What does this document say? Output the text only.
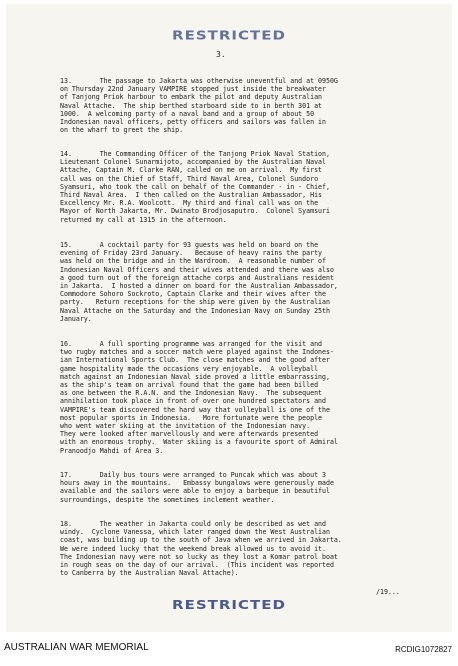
RESTRICTED
3.

13.       The passage to Jakarta was otherwise uneventful and at 0950G
on Thursday 22nd January VAMPIRE stopped just inside the breakwater
of Tanjong Priok harbour to embark the pilot and deputy Australian
Naval Attache.  The ship berthed starboard side to in berth 301 at
1000.  A welcoming party of a naval band and a group of about 50
Indonesian naval officers, petty officers and sailors was fallen in
on the wharf to greet the ship.

14.       The Commanding Officer of the Tanjong Priok Naval Station,
Lieutenant Colonel Sunarmijoto, accompanied by the Australian Naval
Attache, Captain M. Clarke RAN, called on me on arrival.  My first
call was on the Chief of Staff, Third Naval Area, Colonel Sundoro
Syamsuri, who took the call on behalf of the Commander - in - Chief,
Third Naval Area.  I then called on the Australian Ambassador, His
Excellency Mr. R.A. Woolcott.  My third and final call was on the
Mayor of North Jakarta, Mr. Dwinato Brodjosaputro.  Colonel Syamsuri
returned my call at 1315 in the afternoon.

15.       A cocktail party for 93 guests was held on board on the
evening of Friday 23rd January.   Because of heavy rains the party
was held on the bridge and in the Wardroom.  A reasonable number of
Indonesian Naval Officers and their wives attended and there was also
a good turn out of the foreign attache corps and Australians resident
in Jakarta.  I hosted a dinner on board for the Australian Ambassador,
Commodore Sohoro Sockroto, Captain Clarke and their wives after the
party.   Return receptions for the ship were given by the Australian
Naval Attache on the Saturday and the Indonesian Navy on Sunday 25th
January.

16.       A full sporting programme was arranged for the visit and
two rugby matches and a soccer match were played against the Indones-
ian International Sports Club.  The close matches and the good after
game hospitality made the occasions very enjoyable.  A volleyball
match against an Indonesian Naval side proved a little embarrassing,
as the ship's team on arrival found that the game had been billed
as one between the R.A.N. and the Indonesian Navy.  The subsequent
annihilation took place in front of over one hundred spectators and
VAMPIRE's team discovered the hard way that volleyball is one of the
most popular sports in Indonesia.   More fortunate were the people
who went water skiing at the invitation of the Indonesian navy.
They were looked after marvellously and were afterwards presented
with an enormous trophy.  Water skiing is a favourite sport of Admiral
Pranoodjo Mahdi of Area 3.

17.       Daily bus tours were arranged to Puncak which was about 3
hours away in the mountains.   Embassy bungalows were generously made
available and the sailors were able to enjoy a barbeque in beautiful
surroundings, despite the sometimes inclement weather.

18.       The weather in Jakarta could only be described as wet and
windy.  Cyclone Vanessa, which later ranged down the West Australian
coast, was building up to the south of Java when we arrived in Jakarta.
We were indeed lucky that the weekend break allowed us to avoid it.
The Indonesian navy were not so lucky as they lost a Komar patrol boat
in rough seas on the day of our arrival.  (This incident was reported
to Canberra by the Australian Naval Attache).

/19...
RESTRICTED
AUSTRALIAN WAR MEMORIAL	RCDIG1072827
